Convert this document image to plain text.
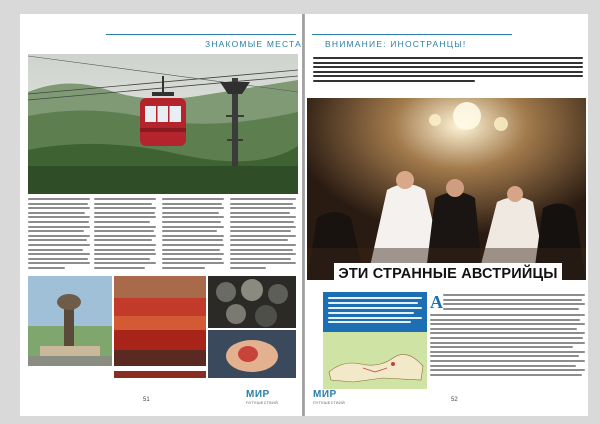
ЗНАКОМЫЕ МЕСТА
51	МИР
ПУТЕШЕСТВИЙ
ВНИМАНИЕ: ИНОСТРАНЦЫ!
ЭТИ СТРАННЫЕ АВСТРИЙЦЫ
А
МИР
ПУТЕШЕСТВИЙ	52
